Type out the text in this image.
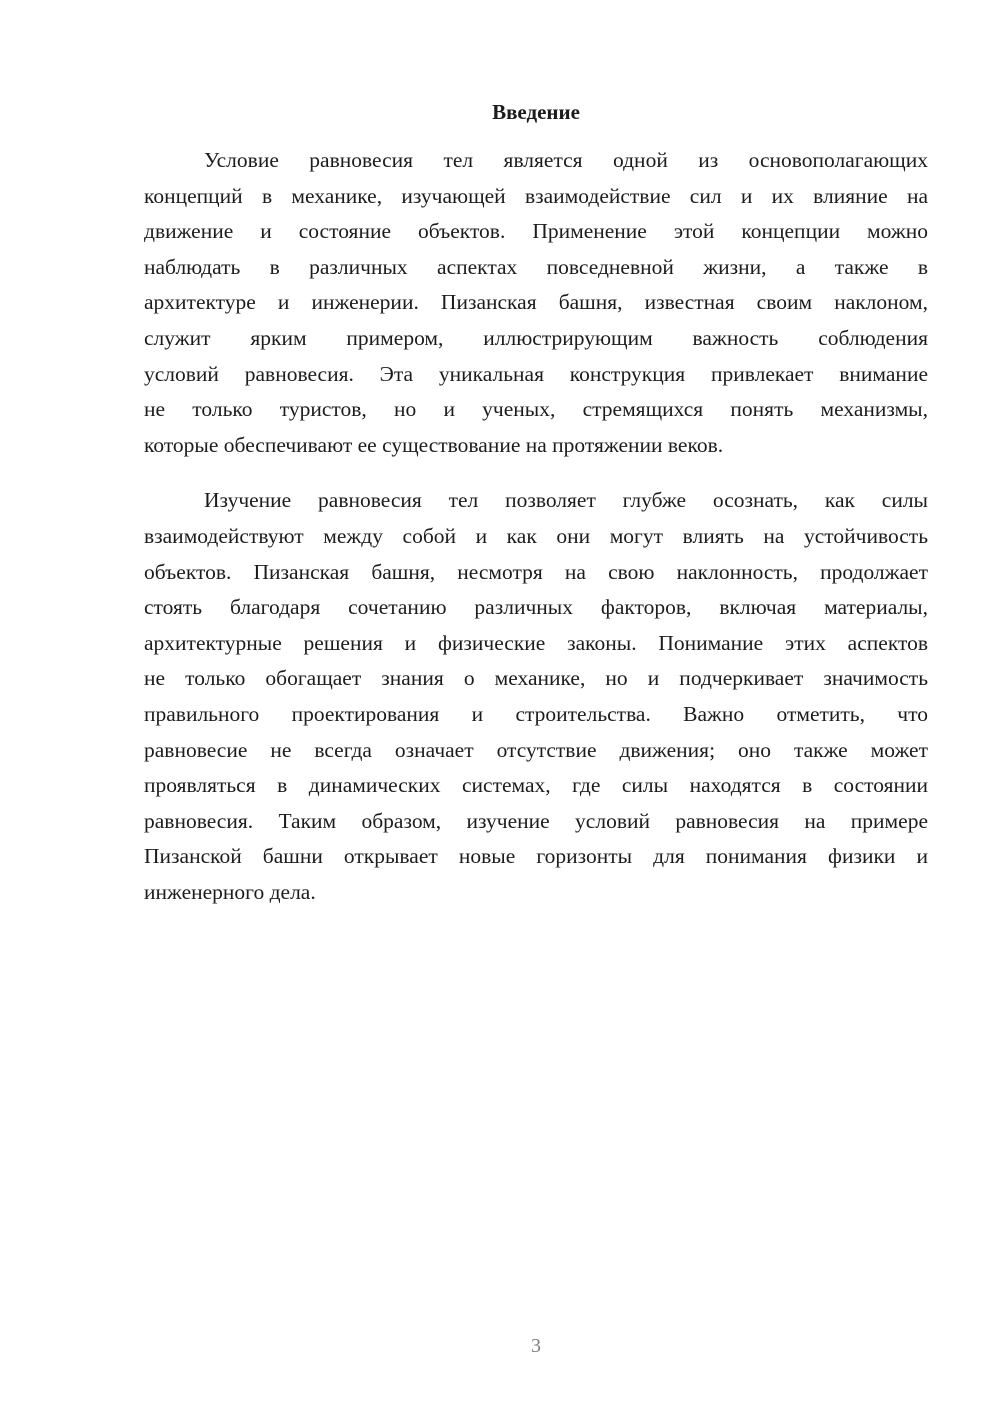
Введение

Условие равновесия тел является одной из основополагающих
концепций в механике, изучающей взаимодействие сил и их влияние на
движение и состояние объектов. Применение этой концепции можно
наблюдать в различных аспектах повседневной жизни, а также в
архитектуре и инженерии. Пизанская башня, известная своим наклоном,
служит ярким примером, иллюстрирующим важность соблюдения
условий равновесия. Эта уникальная конструкция привлекает внимание
не только туристов, но и ученых, стремящихся понять механизмы,
которые обеспечивают ее существование на протяжении веков.

Изучение равновесия тел позволяет глубже осознать, как силы
взаимодействуют между собой и как они могут влиять на устойчивость
объектов. Пизанская башня, несмотря на свою наклонность, продолжает
стоять благодаря сочетанию различных факторов, включая материалы,
архитектурные решения и физические законы. Понимание этих аспектов
не только обогащает знания о механике, но и подчеркивает значимость
правильного проектирования и строительства. Важно отметить, что
равновесие не всегда означает отсутствие движения; оно также может
проявляться в динамических системах, где силы находятся в состоянии
равновесия. Таким образом, изучение условий равновесия на примере
Пизанской башни открывает новые горизонты для понимания физики и
инженерного дела.

3
